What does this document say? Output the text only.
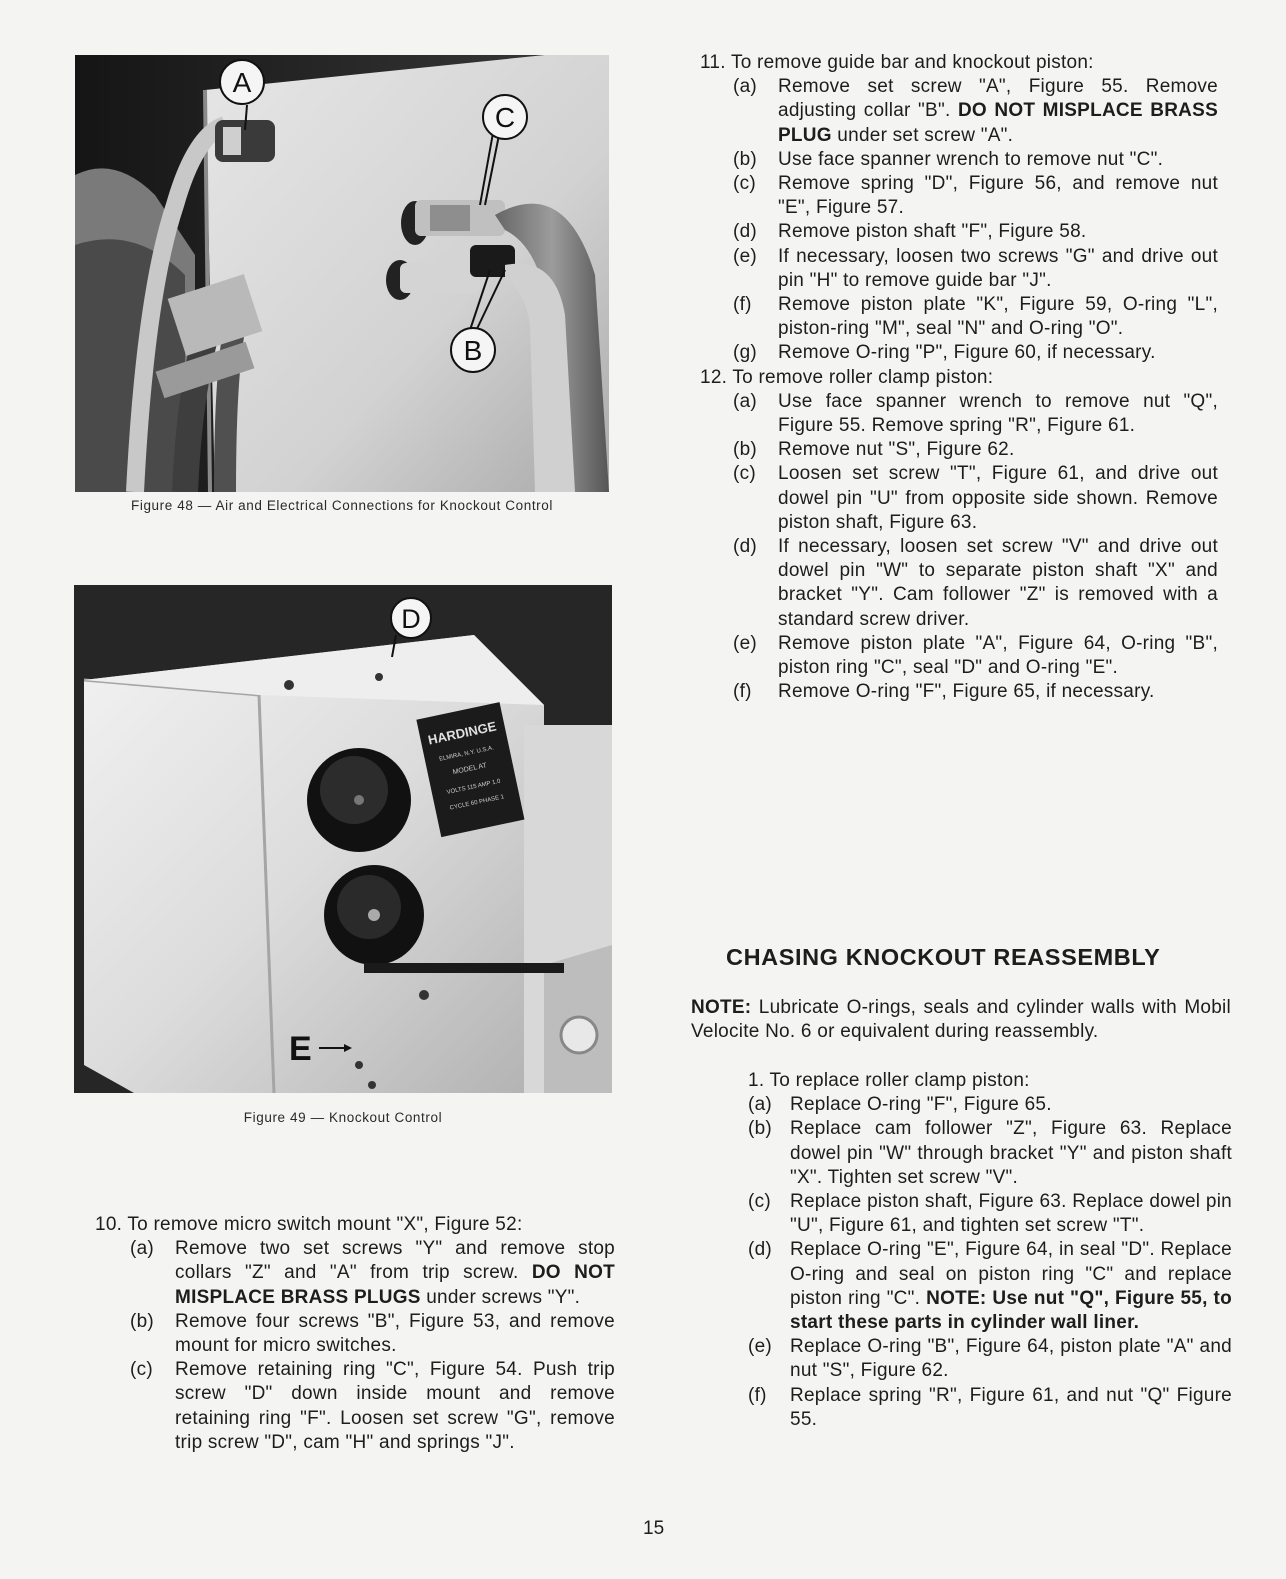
A
C
B
Figure 48 — Air and Electrical Connections for Knockout Control
HARDINGE
ELMIRA, N.Y. U.S.A.
MODEL AT
VOLTS 115 AMP 1.0
CYCLE 60 PHASE 1
D
E
Figure 49 — Knockout Control
10. To remove micro switch mount "X", Figure 52:
(a)	Remove two set screws "Y" and remove stop collars "Z" and "A" from trip screw. DO NOT MISPLACE BRASS PLUGS under screws "Y".
(b)	Remove four screws "B", Figure 53, and remove mount for micro switches.
(c)	Remove retaining ring "C", Figure 54. Push trip screw "D" down inside mount and remove retaining ring "F". Loosen set screw "G", remove trip screw "D", cam "H" and springs "J".
11. To remove guide bar and knockout piston:
(a)	Remove set screw "A", Figure 55. Remove adjusting collar "B". DO NOT MISPLACE BRASS PLUG under set screw "A".
(b)	Use face spanner wrench to remove nut "C".
(c)	Remove spring "D", Figure 56, and remove nut "E", Figure 57.
(d)	Remove piston shaft "F", Figure 58.
(e)	If necessary, loosen two screws "G" and drive out pin "H" to remove guide bar "J".
(f)	Remove piston plate "K", Figure 59, O-ring "L", piston-ring "M", seal "N" and O-ring "O".
(g)	Remove O-ring "P", Figure 60, if necessary.
12. To remove roller clamp piston:
(a)	Use face spanner wrench to remove nut "Q", Figure 55. Remove spring "R", Figure 61.
(b)	Remove nut "S", Figure 62.
(c)	Loosen set screw "T", Figure 61, and drive out dowel pin "U" from opposite side shown. Remove piston shaft, Figure 63.
(d)	If necessary, loosen set screw "V" and drive out dowel pin "W" to separate piston shaft "X" and bracket "Y". Cam follower "Z" is removed with a standard screw driver.
(e)	Remove piston plate "A", Figure 64, O-ring "B", piston ring "C", seal "D" and O-ring "E".
(f)	Remove O-ring "F", Figure 65, if necessary.
CHASING KNOCKOUT REASSEMBLY
NOTE: Lubricate O-rings, seals and cylinder walls with Mobil Velocite No. 6 or equivalent during reassembly.
1. To replace roller clamp piston:
(a) Replace O-ring "F", Figure 65.
(b) Replace cam follower "Z", Figure 63. Replace dowel pin "W" through bracket "Y" and piston shaft "X". Tighten set screw "V".
(c)	Replace piston shaft, Figure 63. Replace dowel pin "U", Figure 61, and tighten set screw "T".
(d) Replace O-ring "E", Figure 64, in seal "D". Replace O-ring and seal on piston ring "C" and replace piston ring "C". NOTE: Use nut "Q", Figure 55, to start these parts in cylinder wall liner.
(e) Replace O-ring "B", Figure 64, piston plate "A" and nut "S", Figure 62.
(f)	Replace spring "R", Figure 61, and nut "Q" Figure 55.
15
